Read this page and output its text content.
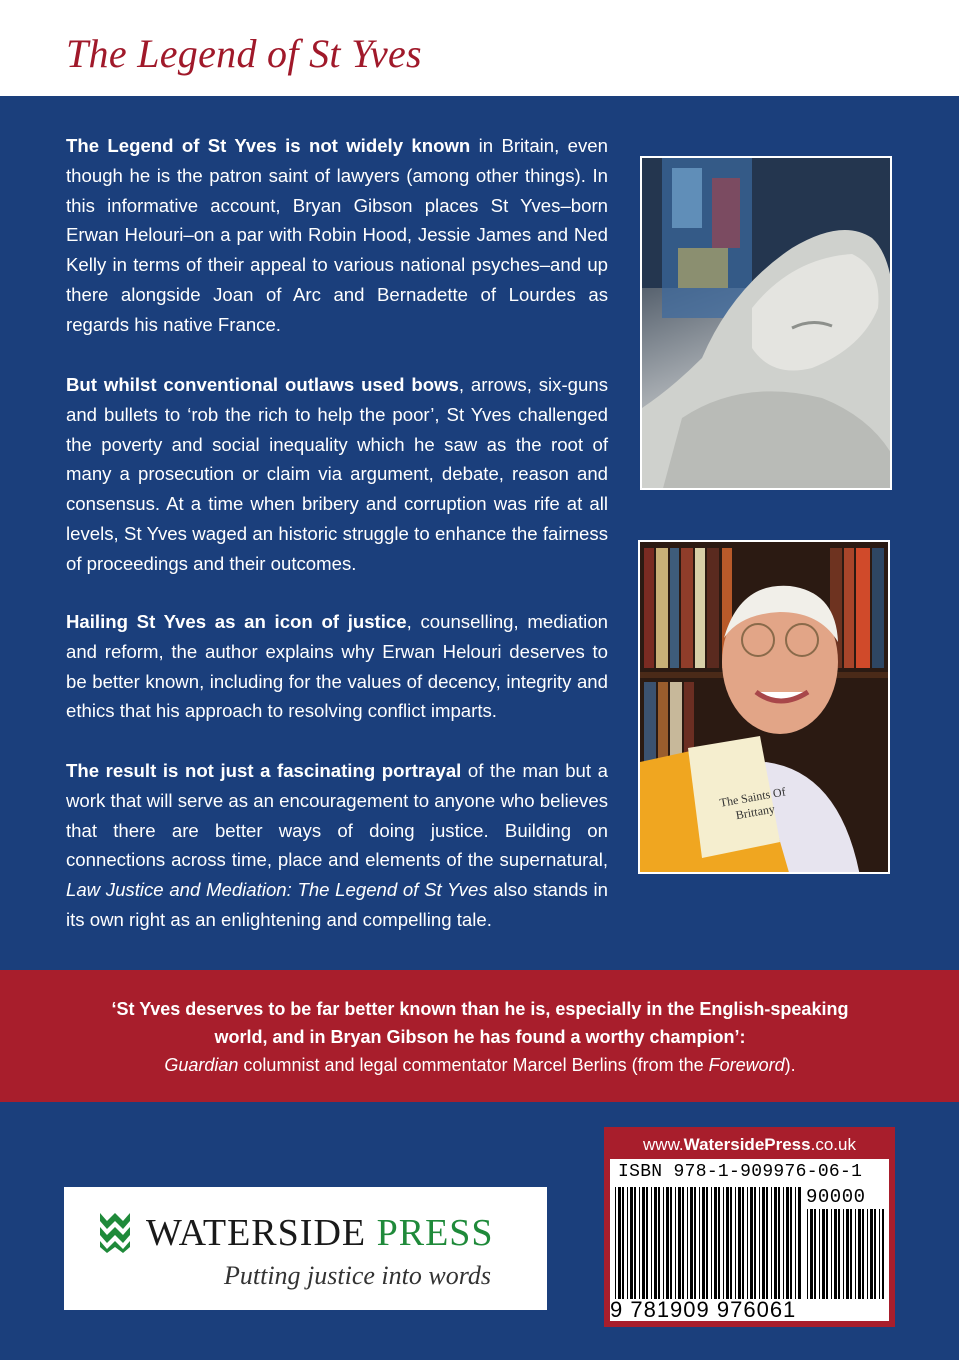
The Legend of St Yves
The Legend of St Yves is not widely known in Britain, even though he is the patron saint of lawyers (among other things). In this informative account, Bryan Gibson places St Yves–born Erwan Helouri–on a par with Robin Hood, Jessie James and Ned Kelly in terms of their appeal to various national psyches–and up there alongside Joan of Arc and Bernadette of Lourdes as regards his native France.
But whilst conventional outlaws used bows, arrows, six-guns and bullets to ‘rob the rich to help the poor’, St Yves challenged the poverty and social inequality which he saw as the root of many a prosecution or claim via argument, debate, reason and consensus. At a time when bribery and corruption was rife at all levels, St Yves waged an historic struggle to enhance the fairness of proceedings and their outcomes.
Hailing St Yves as an icon of justice, counselling, mediation and reform, the author explains why Erwan Helouri deserves to be better known, including for the values of decency, integrity and ethics that his approach to resolving conflict imparts.
The result is not just a fascinating portrayal of the man but a work that will serve as an encouragement to anyone who believes that there are better ways of doing justice. Building on connections across time, place and elements of the supernatural, Law Justice and Mediation: The Legend of St Yves also stands in its own right as an enlightening and compelling tale.
The Saints Of Brittany
‘St Yves deserves to be far better known than he is, especially in the English-speaking world, and in Bryan Gibson he has found a worthy champion’:
Guardian columnist and legal commentator Marcel Berlins (from the Foreword).
WATERSIDE PRESS
Putting justice into words
www.WatersidePress.co.uk
ISBN 978-1-909976-06-1
90000
9 781909 976061
